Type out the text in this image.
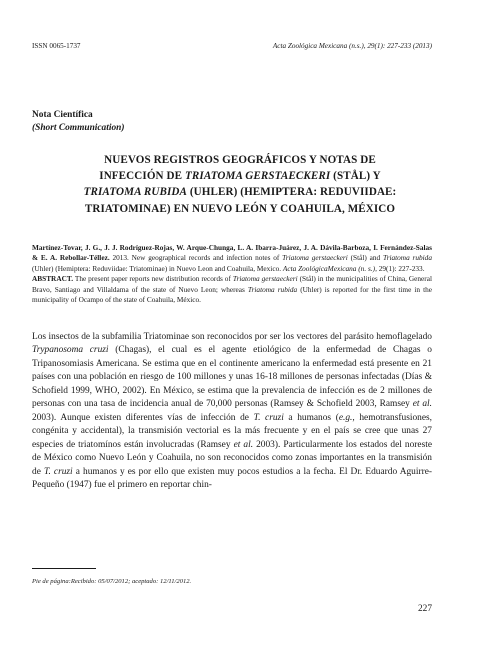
ISSN 0065-1737	Acta Zoológica Mexicana (n.s.), 29(1): 227-233 (2013)
Nota Científica
(Short Communication)
NUEVOS REGISTROS GEOGRÁFICOS Y NOTAS DE
INFECCIÓN DE TRIATOMA GERSTAECKERI (STÅL) Y
TRIATOMA RUBIDA (UHLER) (HEMIPTERA: REDUVIIDAE:
TRIATOMINAE) EN NUEVO LEÓN Y COAHUILA, MÉXICO
Martínez-Tovar, J. G., J. J. Rodríguez-Rojas, W. Arque-Chunga, L. A. Ibarra-Juárez, J. A. Dávila-Barboza, I. Fernández-Salas & E. A. Rebollar-Téllez. 2013. New geographical records and infection notes of Triatoma gerstaeckeri (Stål) and Triatoma rubida (Uhler) (Hemiptera: Reduviidae: Triatominae) in Nuevo Leon and Coahuila, Mexico. Acta ZoológicaMexicana (n. s.), 29(1): 227-233.
ABSTRACT. The present paper reports new distribution records of Triatoma gerstaeckeri (Stål) in the municipalities of China, General Bravo, Santiago and Villaldama of the state of Nuevo Leon; whereas Triatoma rubida (Uhler) is reported for the first time in the municipality of Ocampo of the state of Coahuila, México.
Los insectos de la subfamilia Triatominae son reconocidos por ser los vectores del parásito hemoflagelado Trypanosoma cruzi (Chagas), el cual es el agente etiológico de la enfermedad de Chagas o Tripanosomiasis Americana. Se estima que en el continente americano la enfermedad está presente en 21 países con una población en riesgo de 100 millones y unas 16-18 millones de personas infectadas (Días & Schofield 1999, WHO, 2002). En México, se estima que la prevalencia de infección es de 2 millones de personas con una tasa de incidencia anual de 70,000 personas (Ramsey & Schofield 2003, Ramsey et al. 2003). Aunque existen diferentes vías de infección de T. cruzi a humanos (e.g., hemotransfusiones, congénita y accidental), la transmisión vectorial es la más frecuente y en el país se cree que unas 27 especies de triatomínos están involucradas (Ramsey et al. 2003). Particularmente los estados del noreste de México como Nuevo León y Coahuila, no son reconocidos como zonas importantes en la transmisión de T. cruzi a humanos y es por ello que existen muy pocos estudios a la fecha. El Dr. Eduardo Aguirre-Pequeño (1947) fue el primero en reportar chin-
Pie de página:Recibido: 05/07/2012; aceptado: 12/11/2012.
227
